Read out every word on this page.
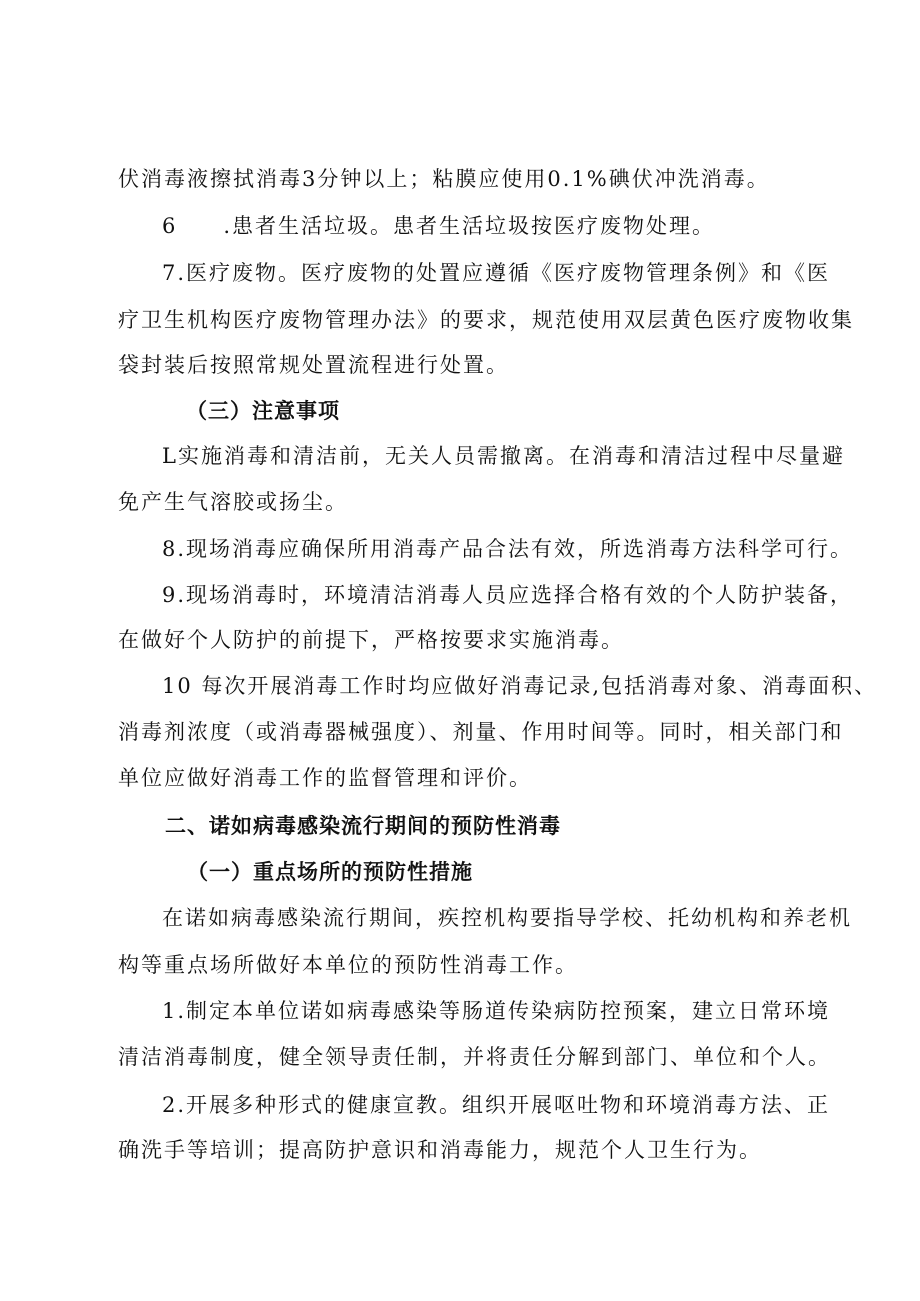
伏消毒液擦拭消毒3分钟以上；粘膜应使用0.1%碘伏冲洗消毒。

6　　.患者生活垃圾。患者生活垃圾按医疗废物处理。

7.医疗废物。医疗废物的处置应遵循《医疗废物管理条例》和《医

疗卫生机构医疗废物管理办法》的要求，规范使用双层黄色医疗废物收集

袋封装后按照常规处置流程进行处置。

（三）注意事项

L实施消毒和清洁前，无关人员需撤离。在消毒和清洁过程中尽量避

免产生气溶胶或扬尘。

8.现场消毒应确保所用消毒产品合法有效，所选消毒方法科学可行。

9.现场消毒时，环境清洁消毒人员应选择合格有效的个人防护装备，

在做好个人防护的前提下，严格按要求实施消毒。

10 每次开展消毒工作时均应做好消毒记录,包括消毒对象、消毒面积、

消毒剂浓度（或消毒器械强度）、剂量、作用时间等。同时，相关部门和

单位应做好消毒工作的监督管理和评价。

二、诺如病毒感染流行期间的预防性消毒

（一）重点场所的预防性措施

在诺如病毒感染流行期间，疾控机构要指导学校、托幼机构和养老机

构等重点场所做好本单位的预防性消毒工作。

1.制定本单位诺如病毒感染等肠道传染病防控预案，建立日常环境

清洁消毒制度，健全领导责任制，并将责任分解到部门、单位和个人。

2.开展多种形式的健康宣教。组织开展呕吐物和环境消毒方法、正

确洗手等培训；提高防护意识和消毒能力，规范个人卫生行为。
